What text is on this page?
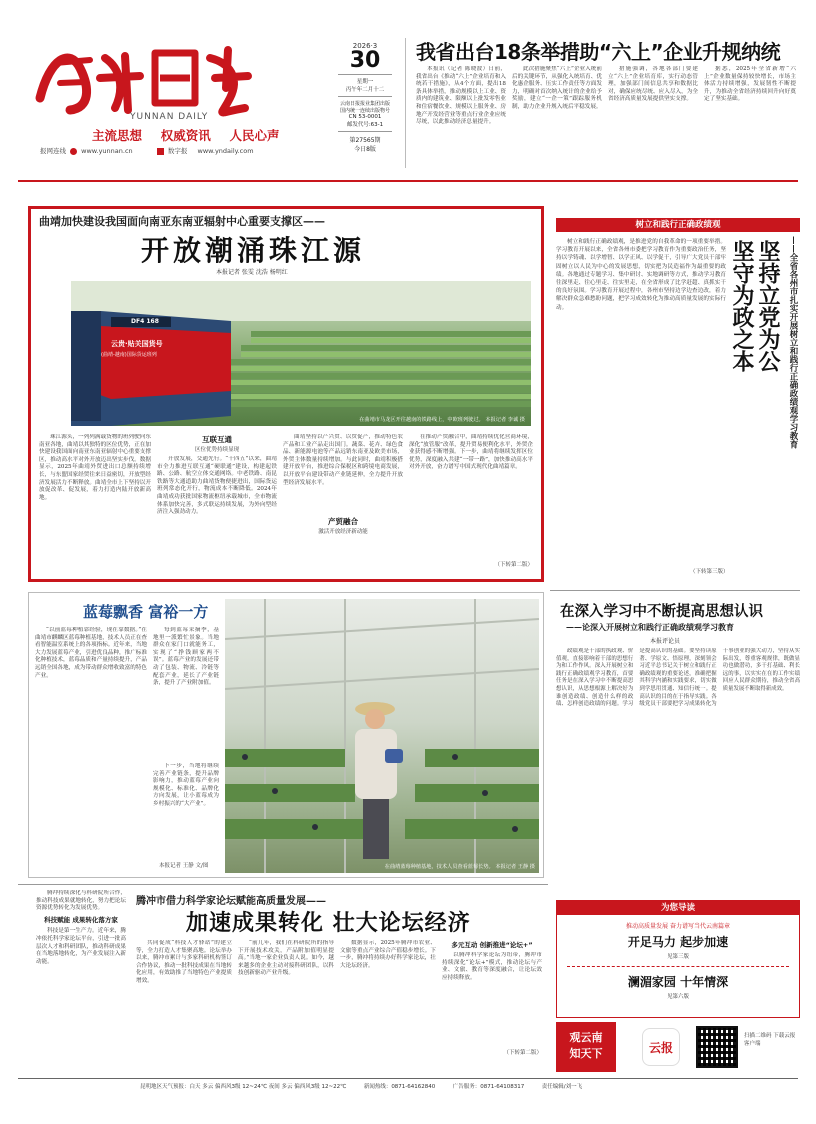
YUNNAN DAILY
主流思想 权威资讯 人民心声
报网连线 www.yunnan.cn	数字报 www.yndaily.com
2026·3
30
星期一
丙午年二月十二
云南日报报业集团出版
国内统一连续出版物号
CN 53-0001
邮发代号:63-1
第27565期
今日8版
我省出台18条举措助“六上”企业升规纳统

本报讯（记者 陈晓波）日前，我省出台《推动“六上”企业培育和入统若干措施》，从4个方面，提出18条具体举措，推动规模以上工业、资质内的建筑业、限额以上批发零售业和住宿餐饮业、规模以上服务业、房地产开发经营业等重点行业企业应统尽统，以此推动经济总量提升。

此次措施聚焦“六上”企业入统前后的关键环节，从强化入统培育、优化惠企服务、压实工作责任等方面发力，明确对首次纳入统计的企业给予奖励，建立“一企一策”跟踪服务机制，助力企业升规入统后平稳发展。

措施强调，各地各部门要建立“六上”企业培育库，实行动态管理，加强部门间信息共享和数据比对，确保应统尽统、应入尽入，为全省经济高质量发展提供坚实支撑。

据悉，2025年全省新增“六上”企业数量保持较快增长，市场主体活力持续增强，发展韧性不断提升，为推动全省经济持续回升向好奠定了坚实基础。

曲靖加快建设我国面向南亚东南亚辐射中心重要支撑区——
开放潮涌珠江源
本报记者 张雯 沈浩 杨明红
DF4 168
云贵·贴关国货号
(曲靖-越南)国际货运班列
在曲靖市马龙区开往越南的铁路线上，中欧班列驶过。 本报记者 李诚 摄

珠江源头，一列列满载货物的班列驶向东南亚各地，曲靖以其独特的区位优势，正在加快建设我国面向南亚东南亚辐射中心重要支撑区，推动高水平对外开放迈出坚实步伐。数据显示，2025年曲靖外贸进出口总额持续增长，与东盟国家经贸往来日益密切，开放型经济发展活力不断释放。曲靖全市上下坚持以开放促改革、促发展，着力打造内陆开放新高地。

互联互通
区位优势持续显现

开放发展，交通先行。“十四五”以来，曲靖市全力推进互联互通“硬联通”建设，构建起铁路、公路、航空立体交通网络。中老铁路、南昆铁路等大通道助力曲靖货物便捷进出，国际货运班列常态化开行，物流成本不断降低。2024年曲靖成功获批国家物流枢纽承载城市，全市物流体系加快完善，多式联运持续发展，为外向型经济注入强劲动力。

曲靖坚持以产兴贸、以贸促产，推动特色农产品和工业产品走出国门。蔬菜、花卉、绿色食品、新能源电池等产品远销东南亚及欧美市场，外贸主体数量持续增加。与此同时，曲靖积极搭建开放平台，推进综合保税区和跨境电商发展，以开放平台建设带动产业链延伸，全力提升开放型经济发展水平。

产贸融合
激活开放经济新动能

在推动产贸融合中，曲靖持续优化营商环境，深化“放管服”改革，提升贸易便利化水平，外贸企业获得感不断增强。下一步，曲靖将继续发挥区位优势，深度融入共建“一带一路”，加快推动高水平对外开放，奋力谱写中国式现代化曲靖篇章。

（下转第二版）
树立和践行正确政绩观

树立和践行正确政绩观，是推进党的自我革命的一项重要举措。学习教育开展以来，全省各州市委把学习教育作为重要政治任务，坚持以学铸魂、以学增智、以学正风、以学促干，引导广大党员干部牢固树立以人民为中心的发展思想，切实把为民造福作为最重要的政绩。各地通过专题学习、集中研讨、实地调研等方式，推动学习教育往深里走、往心里走、往实里走，在全省形成了比学赶超、真抓实干的良好氛围。学习教育开展过程中，各州市坚持边学边查边改，着力解决群众急难愁盼问题，把学习成效转化为推动高质量发展的实际行动。

（下转第三版）
坚守为政之本 坚持立党为公 ——全省各州市扎实开展树立和践行正确政绩观学习教育
在深入学习中不断提高思想认识
——论深入开展树立和践行正确政绩观学习教育
本报评论员

政绩观是干部的执政观、价值观，直接影响着干部的思想行为和工作作风。深入开展树立和践行正确政绩观学习教育，首要任务是在深入学习中不断提高思想认识，从思想根源上解决好为谁创造政绩、创造什么样的政绩、怎样创造政绩的问题。学习是提高认识的基础。要坚持读原著、学原文、悟原理，深刻领会习近平总书记关于树立和践行正确政绩观的重要论述，准确把握其科学内涵和实践要求，切实做到学思用贯通、知信行统一。提高认识的目的在于指导实践。各级党员干部要把学习成果转化为干事创业的强大动力，坚持从实际出发，尊重客观规律，既做显功也做潜功，多干打基础、利长远的事，以实实在在的工作实绩回应人民群众期待，推动全省高质量发展不断取得新成效。

蓝莓飘香 富裕一方

“以前蓝莓种植靠经验，现在靠数据。”在曲靖市麒麟区蓝莓种植基地，技术人员正在查看智能温室系统上的各项指标。近年来，当地大力发展蓝莓产业，引进优良品种，推广标准化种植技术，蓝莓品质和产量持续提升，产品远销全国各地，成为带动群众增收致富的特色产业。

每到蓝莓采摘季，基地里一派繁忙景象。当地群众在家门口就能务工，实现了“挣钱顾家两不误”。蓝莓产业的发展还带动了包装、物流、冷链等配套产业，延长了产业链条，提升了产业附加值。

在曲靖蓝莓种植基地，技术人员查看蓝莓长势。 本报记者 王静 摄

下一步，当地将继续完善产业链条，提升品牌影响力，推动蓝莓产业向规模化、标准化、品牌化方向发展，让小蓝莓成为乡村振兴的“大产业”。

本报记者 王静 文/图

腾冲持续深化与科研院所合作，推动科技成果就地转化，努力把论坛资源优势转化为发展优势。

科技赋能 成果转化落方家

科技是第一生产力。近年来，腾冲依托科学家论坛平台，引进一批高层次人才和科研团队，推动科研成果在当地落地转化，为产业发展注入新动能。

腾冲市借力科学家论坛赋能高质量发展——
加速成果转化 壮大论坛经济

共同促成“科技人才驿站”的建立等，全力打造人才集聚高地。论坛举办以来，腾冲市累计与多家科研机构签订合作协议，推动一批科技成果在当地转化应用，有效助推了当地特色产业提质增效。

“前几年，我们在科研院所的指导下开展技术攻关，产品附加值明显提高。”当地一家企业负责人说。如今，越来越多的企业主动对接科研团队，以科技创新驱动产业升级。

数据显示，2025年腾冲市农业、文旅等重点产业综合产值稳步增长。下一步，腾冲将持续办好科学家论坛，壮大论坛经济。

多元互动 创新推进“论坛+”

以腾冲科学家论坛为纽带，腾冲市持续深化“论坛+”模式，推动论坛与产业、文旅、教育等深度融合，让论坛效应持续释放。

（下转第二版）
为您导读
推动高质量发展 奋力谱写当代云南篇章
开足马力 起步加速
见第三版
澜湄家园 十年情深
见第六版
观云南
知天下	云报
扫描二维码 下载云报客户端
昆明地区天气预报：白天 多云 偏西风3级 12~24℃ 夜间 多云 偏西风3级 12~22℃	新闻热线：0871-64162840	广告服务：0871-64108317	责任编辑/刘一飞
